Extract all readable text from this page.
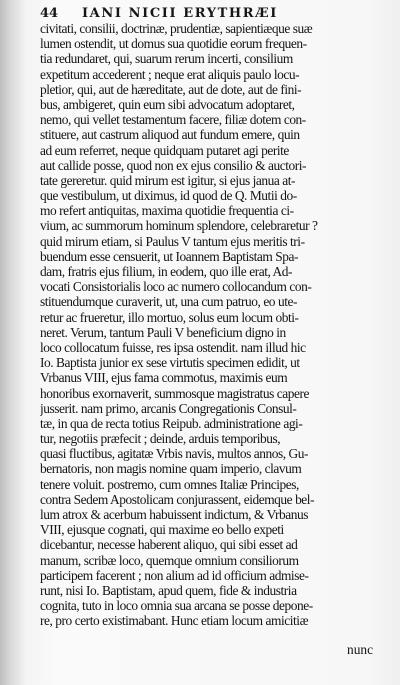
44 IANI NICII ERYTHRÆI
civitati, consilii, doctrinæ, prudentiæ, sapientiæque suæ
lumen ostendit, ut domus sua quotidie eorum frequen-
tia redundaret, qui, suarum rerum incerti, consilium
expetitum accederent ; neque erat aliquis paulo locu-
pletior, qui, aut de hæreditate, aut de dote, aut de fini-
bus, ambigeret, quin eum sibi advocatum adoptaret,
nemo, qui vellet testamentum facere, filiæ dotem con-
stituere, aut castrum aliquod aut fundum emere, quin
ad eum referret, neque quidquam putaret agi perite
aut callide posse, quod non ex ejus consilio & auctori-
tate gereretur. quid mirum est igitur, si ejus janua at-
que vestibulum, ut diximus, id quod de Q. Mutii do-
mo refert antiquitas, maxima quotidie frequentia ci-
vium, ac summorum hominum splendore, celebraretur ?
quid mirum etiam, si Paulus V tantum ejus meritis tri-
buendum esse censuerit, ut Ioannem Baptistam Spa-
dam, fratris ejus filium, in eodem, quo ille erat, Ad-
vocati Consistorialis loco ac numero collocandum con-
stituendumque curaverit, ut, una cum patruo, eo ute-
retur ac frueretur, illo mortuo, solus eum locum obti-
neret. Verum, tantum Pauli V beneficium digno in
loco collocatum fuisse, res ipsa ostendit. nam illud hic
Io. Baptista junior ex sese virtutis specimen edidit, ut
Vrbanus VIII, ejus fama commotus, maximis eum
honoribus exornaverit, summosque magistratus capere
jusserit. nam primo, arcanis Congregationis Consul-
tæ, in qua de recta totius Reipub. administratione agi-
tur, negotiis præfecit ; deinde, arduis temporibus,
quasi fluctibus, agitatæ Vrbis navis, multos annos, Gu-
bernatoris, non magis nomine quam imperio, clavum
tenere voluit. postremo, cum omnes Italiæ Principes,
contra Sedem Apostolicam conjurassent, eidemque bel-
lum atrox & acerbum habuissent indictum, & Vrbanus
VIII, ejusque cognati, qui maxime eo bello expeti
dicebantur, necesse haberent aliquo, qui sibi esset ad
manum, scribæ loco, quemque omnium consiliorum
participem facerent ; non alium ad id officium admise-
runt, nisi Io. Baptistam, apud quem, fide & industria
cognita, tuto in loco omnia sua arcana se posse depone-
re, pro certo existimabant. Hunc etiam locum amicitiæ
nunc
